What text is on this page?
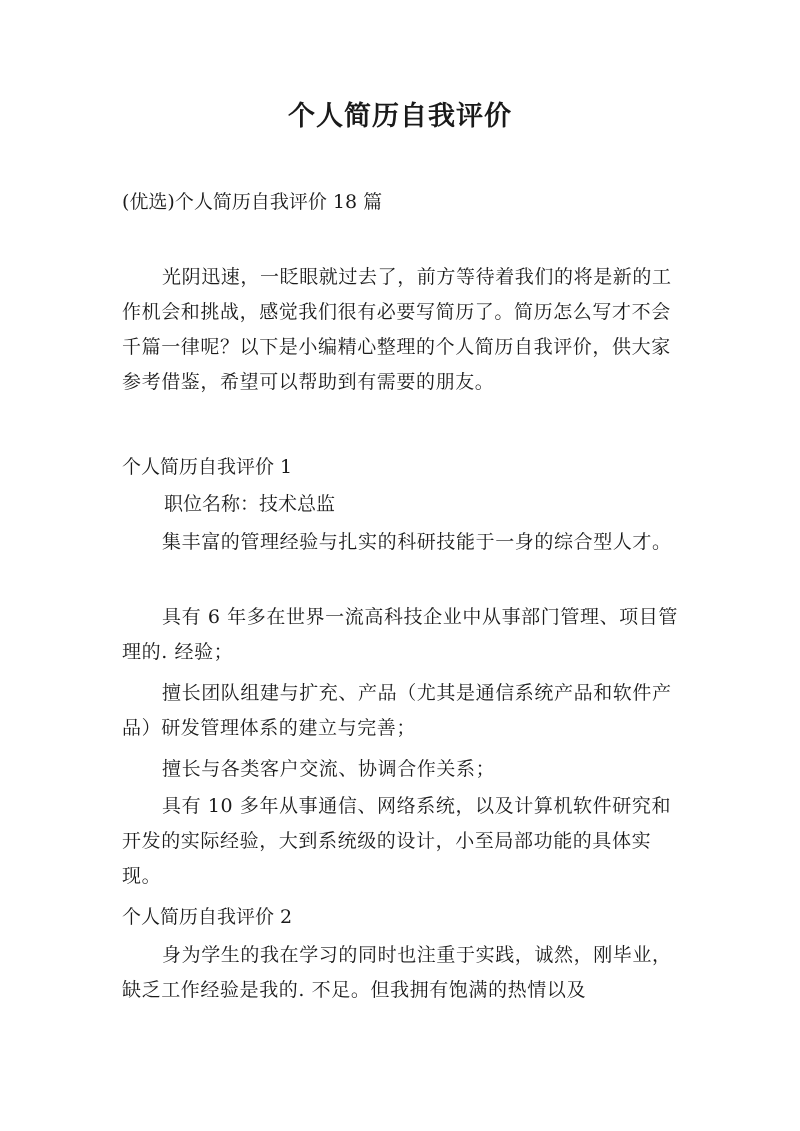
个人简历自我评价
(优选)个人简历自我评价 18 篇
光阴迅速，一眨眼就过去了，前方等待着我们的将是新的工作机会和挑战，感觉我们很有必要写简历了。简历怎么写才不会千篇一律呢？以下是小编精心整理的个人简历自我评价，供大家参考借鉴，希望可以帮助到有需要的朋友。
个人简历自我评价 1
职位名称：技术总监
集丰富的管理经验与扎实的科研技能于一身的综合型人才。
具有 6 年多在世界一流高科技企业中从事部门管理、项目管理的. 经验；
擅长团队组建与扩充、产品（尤其是通信系统产品和软件产品）研发管理体系的建立与完善；
擅长与各类客户交流、协调合作关系；
具有 10 多年从事通信、网络系统，以及计算机软件研究和开发的实际经验，大到系统级的设计，小至局部功能的具体实现。
个人简历自我评价 2
身为学生的我在学习的同时也注重于实践，诚然，刚毕业，缺乏工作经验是我的. 不足。但我拥有饱满的热情以及
